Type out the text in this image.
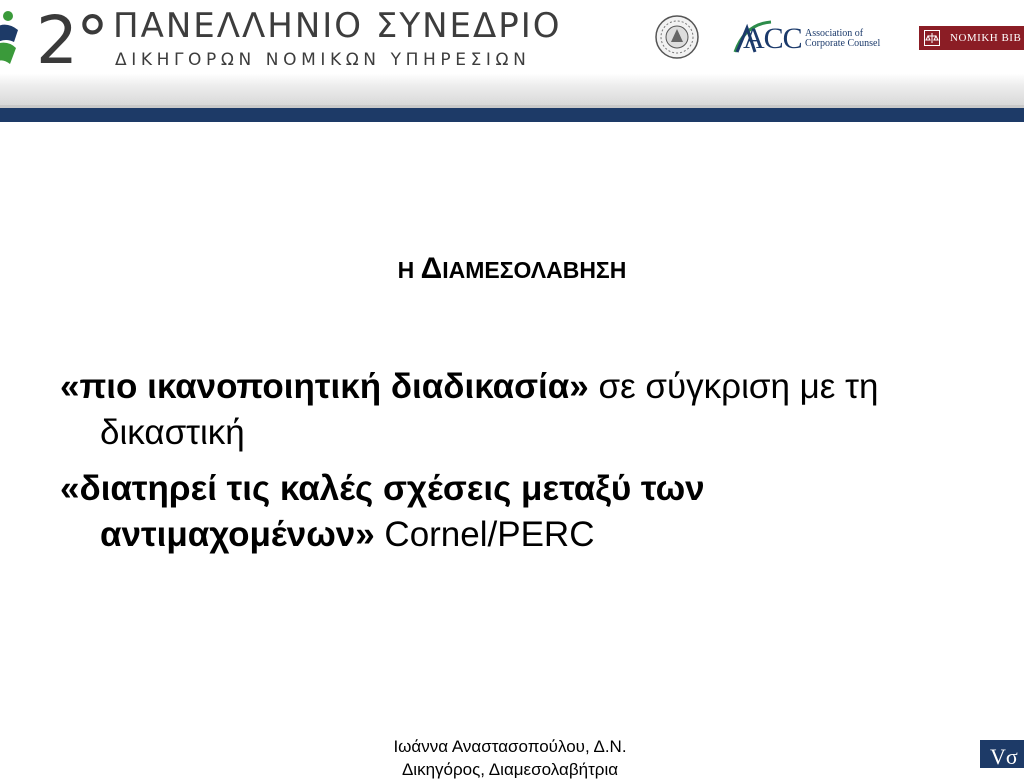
2° ΠΑΝΕΛΛΗΝΙΟ ΣΥΝΕΔΡΙΟ
ΔΙΚΗΓΟΡΩΝ ΝΟΜΙΚΩΝ ΥΠΗΡΕΣΙΩΝ
ACC Association of
Corporate Counsel	ΝΟΜΙΚΗ ΒΙΒ
Η ΔΙΑΜΕΣΟΛΑΒΗΣΗ
«πιο ικανοποιητική διαδικασία» σε σύγκριση με τη δικαστική
«διατηρεί τις καλές σχέσεις μεταξύ των αντιμαχομένων» Cornel/PERC
Ιωάννα Αναστασοπούλου, Δ.Ν.
Δικηγόρος, Διαμεσολαβήτρια
Vσ
